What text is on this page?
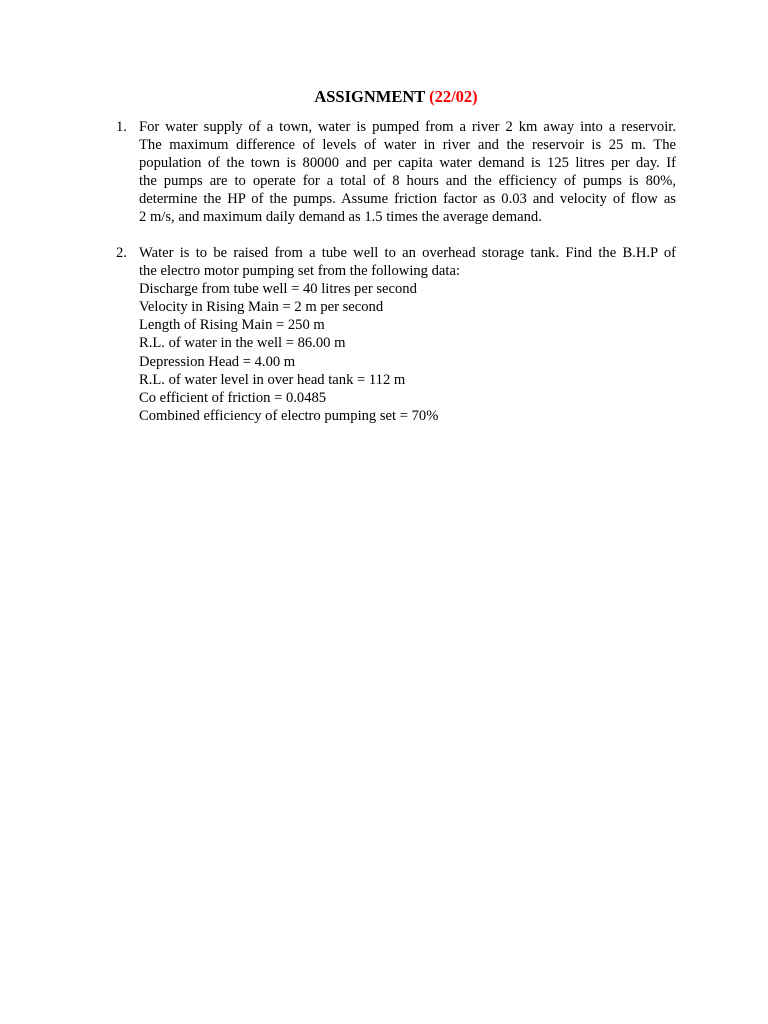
ASSIGNMENT (22/02)
1. For water supply of a town, water is pumped from a river 2 km away into a reservoir.
The maximum difference of levels of water in river and the reservoir is 25 m. The
population of the town is 80000 and per capita water demand is 125 litres per day. If
the pumps are to operate for a total of 8 hours and the efficiency of pumps is 80%,
determine the HP of the pumps. Assume friction factor as 0.03 and velocity of flow as
2 m/s, and maximum daily demand as 1.5 times the average demand.
2. Water is to be raised from a tube well to an overhead storage tank. Find the B.H.P of
the electro motor pumping set from the following data:
Discharge from tube well = 40 litres per second
Velocity in Rising Main = 2 m per second
Length of Rising Main = 250 m
R.L. of water in the well = 86.00 m
Depression Head = 4.00 m
R.L. of water level in over head tank = 112 m
Co efficient of friction = 0.0485
Combined efficiency of electro pumping set = 70%
